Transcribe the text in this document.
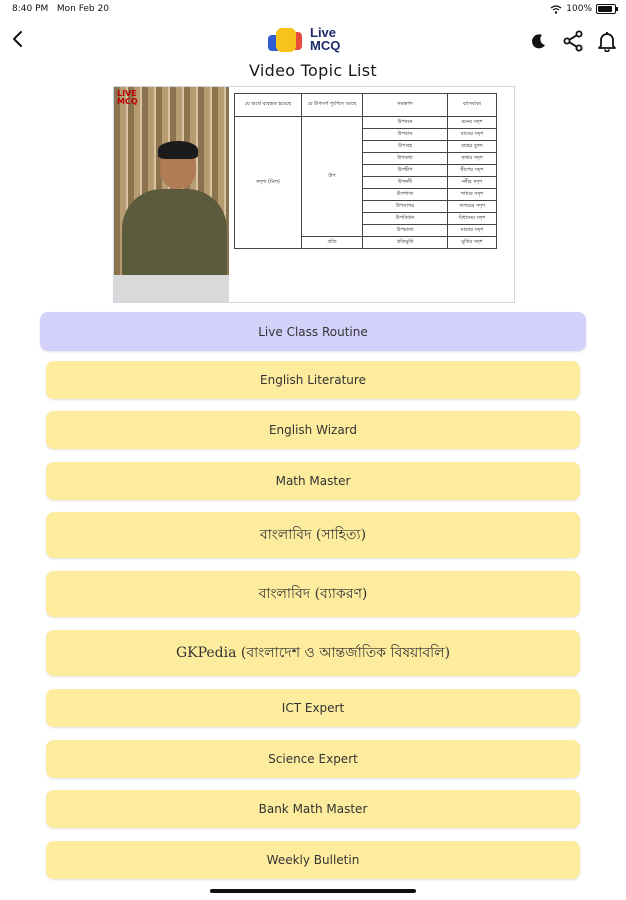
8:40 PM Mon Feb 20	100%
Live
MCQ
Video Topic List
LIVE
MCQ	যে অর্থে ব্যবহৃত হয়েছে	যে উপসর্গ পূর্বপদে আছে	সমস্তপদ	ব্যাসবাক্য
সদৃশ্য (মিল)	উপ	উপবনে	বনের সদৃশ
		উপবাস	বাসের সদৃশ
		উপগ্রহ	গ্রহের তুল্য
		উপকথা	কথার সদৃশ
		উপদ্বীপ	দ্বীপের সদৃশ
		উপনদী	নদীর সদৃশ
		উপশাখা	শাখার সদৃশ
		উপসাগর	সাগরের সদৃশ
		উপবিধান	বিধানের সদৃশ
		উপমাতা	মাতার সদৃশ
	প্রতি	প্রতিমূর্তি	মূর্তির সদৃশ
Live Class Routine
English Literature
English Wizard
Math Master
বাংলাবিদ (সাহিত্য)
বাংলাবিদ (ব্যাকরণ)
GKPedia (বাংলাদেশ ও আন্তর্জাতিক বিষয়াবলি)
ICT Expert
Science Expert
Bank Math Master
Weekly Bulletin
